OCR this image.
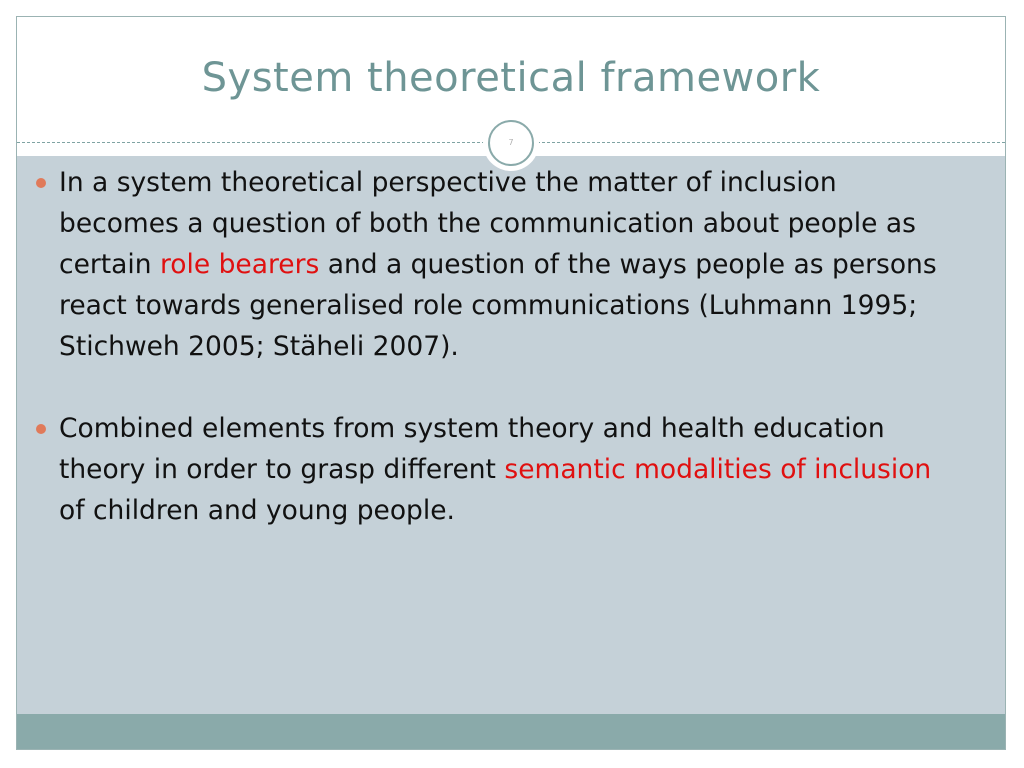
System theoretical framework
7
In a system theoretical perspective the matter of inclusion becomes a question of both the communication about people as certain role bearers and a question of the ways people as persons react towards generalised role communications (Luhmann 1995; Stichweh 2005; Stäheli 2007).
Combined elements from system theory and health education theory in order to grasp different semantic modalities of inclusion of children and young people.
